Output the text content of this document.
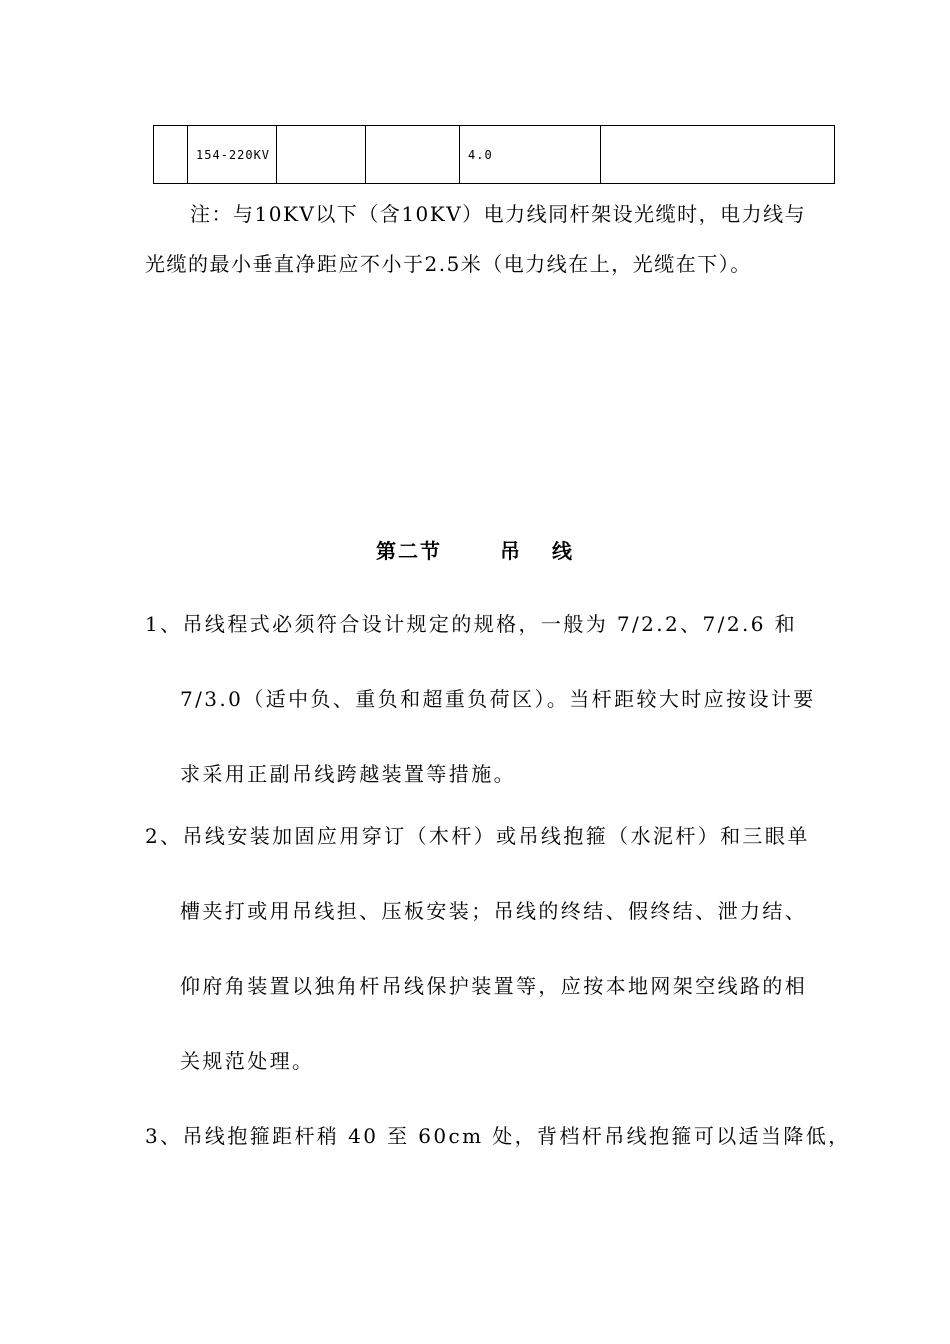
	154-220KV			4.0	
注：与10KV以下（含10KV）电力线同杆架设光缆时，电力线与
光缆的最小垂直净距应不小于2.5米（电力线在上，光缆在下）。
第二节	吊 线
1、吊线程式必须符合设计规定的规格，一般为 7/2.2、7/2.6 和
7/3.0（适中负、重负和超重负荷区）。当杆距较大时应按设计要
求采用正副吊线跨越装置等措施。
2、吊线安装加固应用穿订（木杆）或吊线抱箍（水泥杆）和三眼单
槽夹打或用吊线担、压板安装；吊线的终结、假终结、泄力结、
仰府角装置以独角杆吊线保护装置等，应按本地网架空线路的相
关规范处理。
3、吊线抱箍距杆稍 40 至 60cm 处，背档杆吊线抱箍可以适当降低，
